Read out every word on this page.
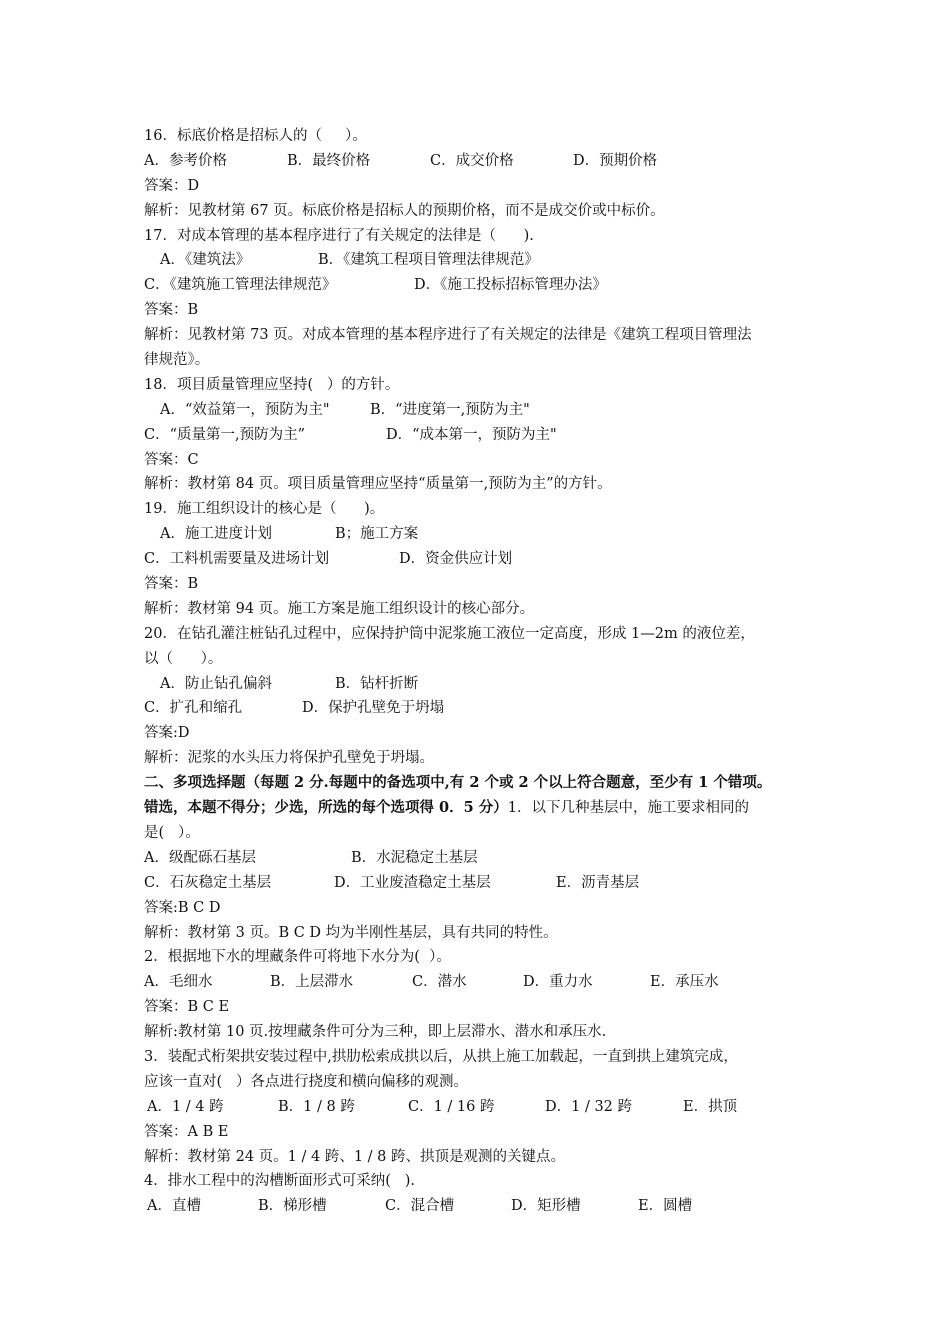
16．标底价格是招标人的（     ）。
A．参考价格	B．最终价格	C．成交价格	D．预期价格
答案：D
解析：见教材第 67 页。标底价格是招标人的预期价格，而不是成交价或中标价。
17．对成本管理的基本程序进行了有关规定的法律是（      ).
A．《建筑法》	B．《建筑工程项目管理法律规范》
C．《建筑施工管理法律规范》	D．《施工投标招标管理办法》
答案：B
解析：见教材第 73 页。对成本管理的基本程序进行了有关规定的法律是《建筑工程项目管理法
律规范》。
18．项目质量管理应坚持(   ）的方针。
A．“效益第一，预防为主"	B．“进度第一,预防为主"
C．“质量第一,预防为主”	D．“成本第一，预防为主"
答案：C
解析：教材第 84 页。项目质量管理应坚持“质量第一,预防为主”的方针。
19．施工组织设计的核心是（      )。
A．施工进度计划	B；施工方案
C．工料机需要量及进场计划	D．资金供应计划
答案：B
解析：教材第 94 页。施工方案是施工组织设计的核心部分。
20．在钻孔灌注桩钻孔过程中，应保持护筒中泥浆施工液位一定高度，形成 1—2m 的液位差，
以（      ）。
A．防止钻孔偏斜	B．钻杆折断
C．扩孔和缩孔	D．保护孔壁免于坍塌
答案:D
解析：泥浆的水头压力将保护孔壁免于坍塌。
二、多项选择题（每题 2 分.每题中的备选项中,有 2 个或 2 个以上符合题意，至少有 1 个错项。
错选，本题不得分；少选，所选的每个选项得 0．5 分）1．以下几种基层中，施工要求相同的
是(   ）。
A．级配砾石基层	B．水泥稳定土基层
C．石灰稳定土基层	D．工业废渣稳定土基层	E．沥青基层
答案:B C D
解析：教材第 3 页。B C D 均为半刚性基层，具有共同的特性。
2．根据地下水的埋藏条件可将地下水分为(  ）。
A．毛细水	B．上层滞水	C．潜水	D．重力水	E．承压水
答案：B C E
解析:教材第 10 页.按埋藏条件可分为三种，即上层滞水、潜水和承压水.
3．装配式桁架拱安装过程中,拱肋松索成拱以后，从拱上施工加载起，一直到拱上建筑完成，
应该一直对(   ）各点进行挠度和横向偏移的观测。
A．1 / 4 跨	B．1 / 8 跨	C．1 / 16 跨	D．1 / 32 跨	E．拱顶
答案：A B E
解析：教材第 24 页。1 / 4 跨、1 / 8 跨、拱顶是观测的关键点。
4．排水工程中的沟槽断面形式可采纳(   ).
A．直槽	B．梯形槽	C．混合槽	D．矩形槽	E．圆槽
